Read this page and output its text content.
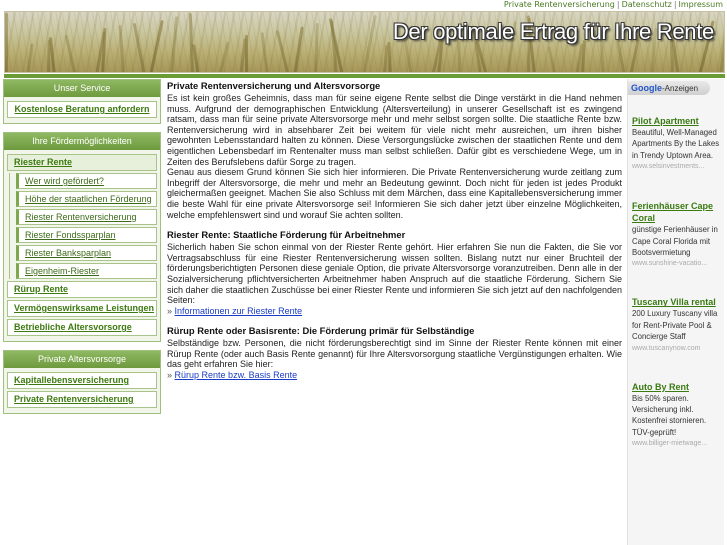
Private Rentenversicherung | Datenschutz | Impressum
Der optimale Ertrag für Ihre Rente
Unser Service
Kostenlose Beratung anfordern
Ihre Fördermöglichkeiten
Riester Rente
Wer wird gefördert?
Höhe der staatlichen Förderung
Riester Rentenversicherung
Riester Fondssparplan
Riester Banksparplan
Eigenheim-Riester
Rürup Rente
Vermögenswirksame Leistungen
Betriebliche Altersvorsorge
Private Altersvorsorge
Kapitallebensversicherung
Private Rentenversicherung
Private Rentenversicherung und Altersvorsorge

Es ist kein großes Geheimnis, dass man für seine eigene Rente selbst die Dinge verstärkt in die Hand nehmen muss. Aufgrund der demographischen Entwicklung (Altersverteilung) in unserer Gesellschaft ist es zwingend ratsam, dass man für seine private Altersvorsorge mehr und mehr selbst sorgen sollte. Die staatliche Rente bzw. Rentenversicherung wird in absehbarer Zeit bei weitem für viele nicht mehr ausreichen, um ihren bisher gewohnten Lebensstandard halten zu können. Diese Versorgungslücke zwischen der staatlichen Rente und dem eigentlichen Lebensbedarf im Rentenalter muss man selbst schließen. Dafür gibt es verschiedene Wege, um in Zeiten des Berufslebens dafür Sorge zu tragen.

Genau aus diesem Grund können Sie sich hier informieren. Die Private Rentenversicherung wurde zeitlang zum Inbegriff der Altersvorsorge, die mehr und mehr an Bedeutung gewinnt. Doch nicht für jeden ist jedes Produkt gleichermaßen geeignet. Machen Sie also Schluss mit dem Märchen, dass eine Kapitallebensversicherung immer die beste Wahl für eine private Altersvorsorge sei! Informieren Sie sich daher jetzt über einzelne Möglichkeiten, welche empfehlenswert sind und worauf Sie achten sollten.

Riester Rente: Staatliche Förderung für Arbeitnehmer

Sicherlich haben Sie schon einmal von der Riester Rente gehört. Hier erfahren Sie nun die Fakten, die Sie vor Vertragsabschluss für eine Riester Rentenversicherung wissen sollten. Bislang nutzt nur einer Bruchteil der förderungsberichtigten Personen diese geniale Option, die private Altersvorsorge voranzutreiben. Denn alle in der Sozialversicherung pflichtversicherten Arbeitnehmer haben Anspruch auf die staatliche Förderung. Sichern Sie sich daher die staatlichen Zuschüsse bei einer Riester Rente und informieren Sie sich jetzt auf den nachfolgenden Seiten:

» Informationen zur Riester Rente

Rürup Rente oder Basisrente: Die Förderung primär für Selbständige

Selbständige bzw. Personen, die nicht förderungsberechtigt sind im Sinne der Riester Rente können mit einer Rürup Rente (oder auch Basis Rente genannt) für Ihre Altersvorsorgung staatliche Vergünstigungen erhalten. Wie das geht erfahren Sie hier:

» Rürup Rente bzw. Basis Rente

Google-Anzeigen
Pilot Apartment
Beautiful, Well-Managed Apartments By the Lakes in Trendy Uptown Area.
www.selsinvestments...
Ferienhäuser Cape Coral
günstige Ferienhäuser in Cape Coral Florida mit Bootsvermietung
www.sunshine-vacatio...
Tuscany Villa rental
200 Luxury Tuscany villa for Rent-Private Pool & Concierge Staff
www.tuscanynow.com
Auto By Rent
Bis 50% sparen. Versicherung inkl. Kostenfrei stornieren. TÜV-geprüft!
www.billiger-mietwage...
